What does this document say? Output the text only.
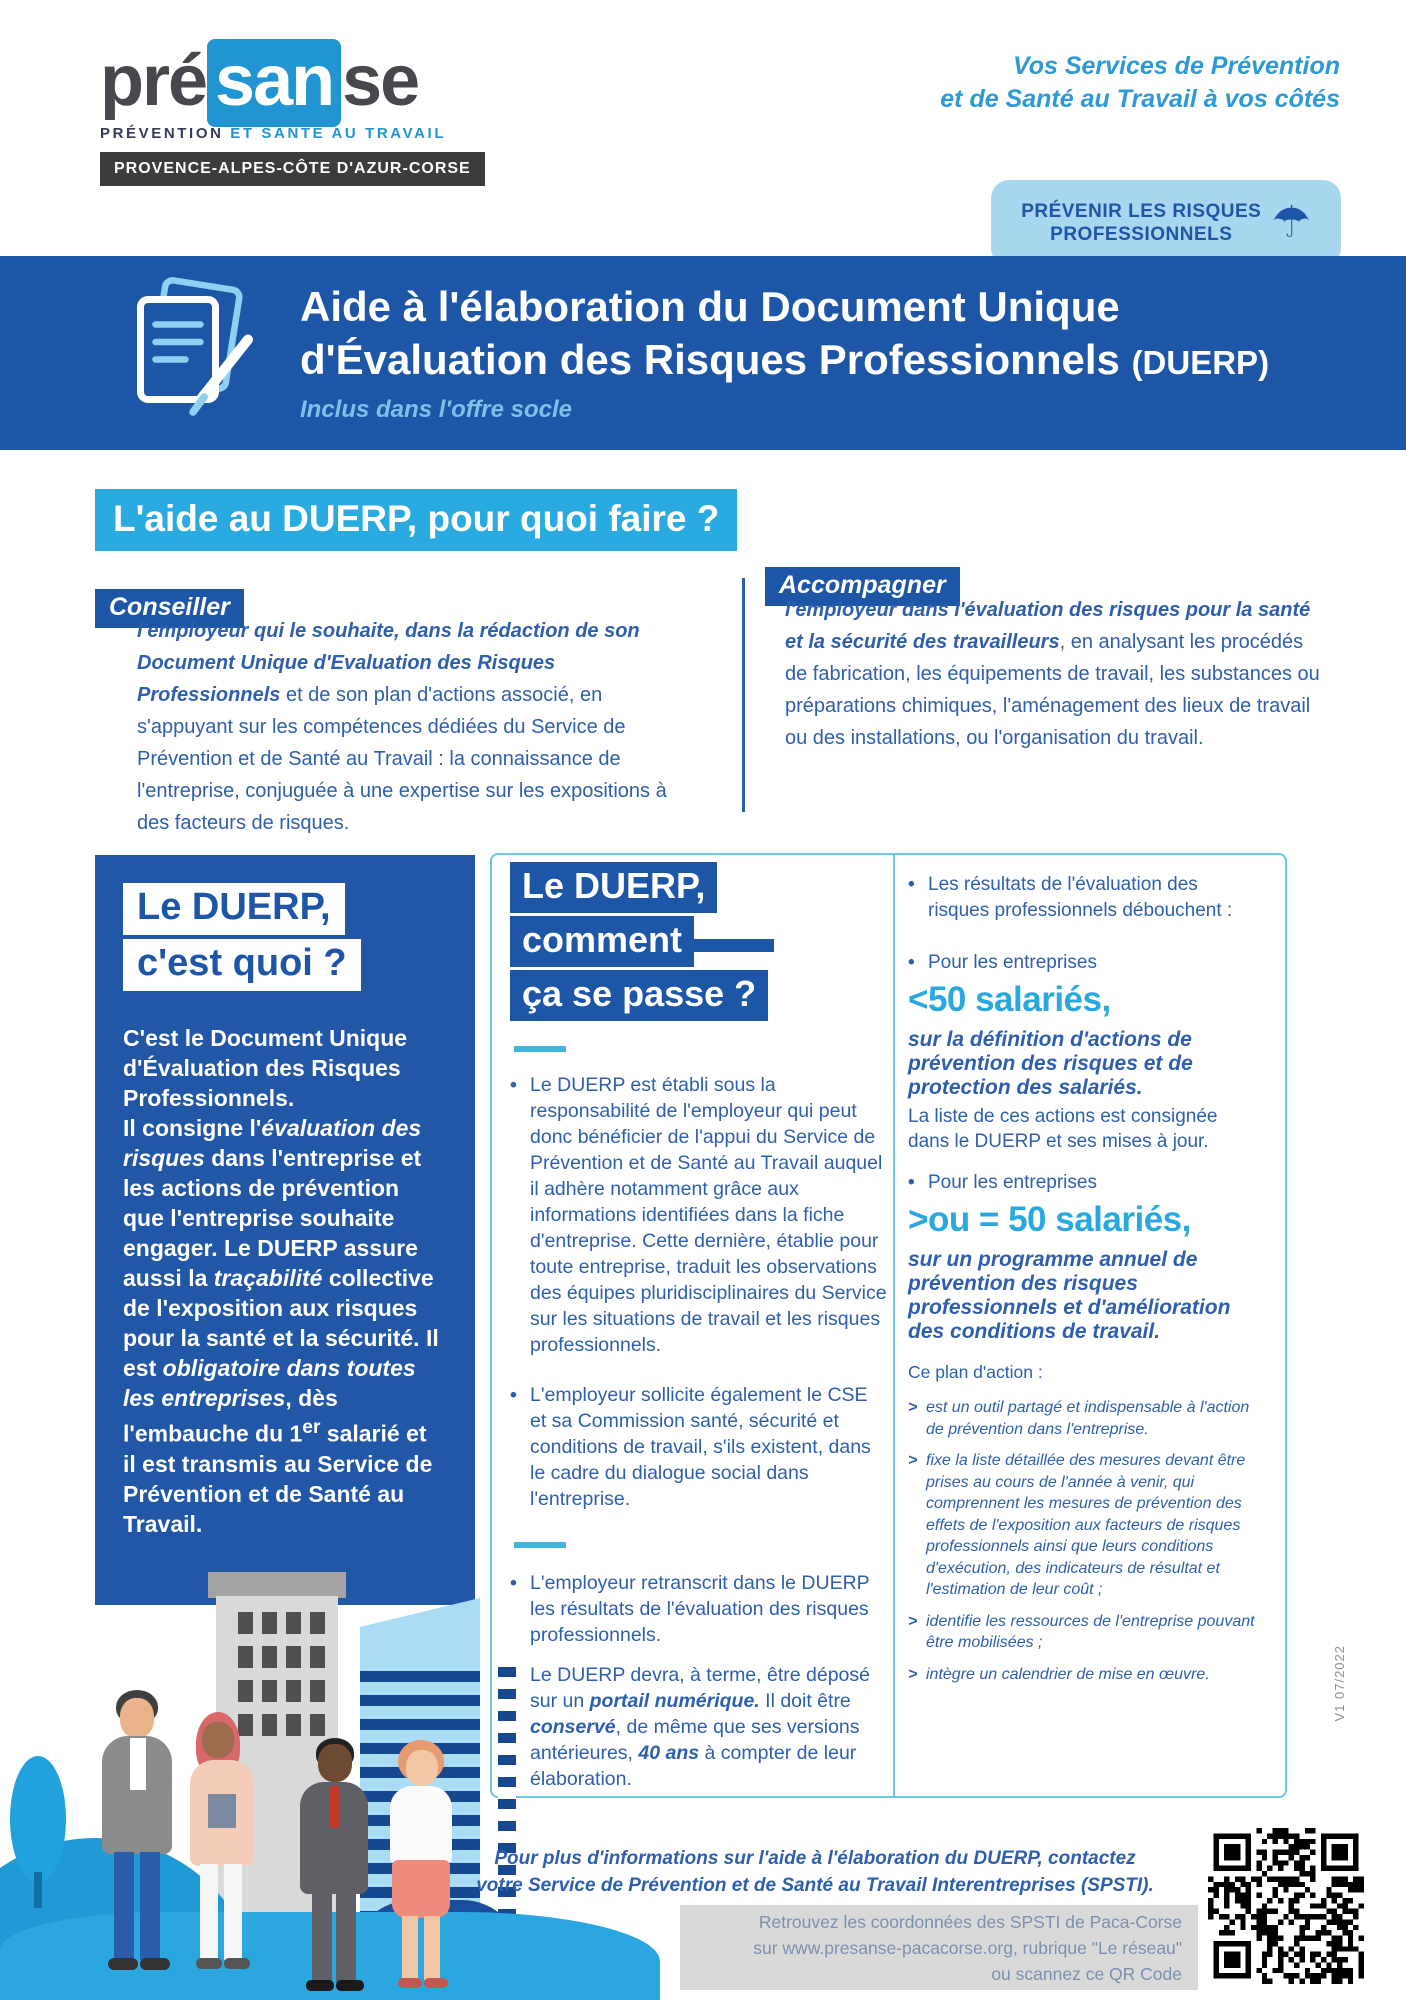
pré san se
PRÉVENTION ET SANTÉ AU TRAVAIL
PROVENCE-ALPES-CÔTE D'AZUR-CORSE
Vos Services de Prévention
et de Santé au Travail à vos côtés
PRÉVENIR LES RISQUES
PROFESSIONNELS ☂
Aide à l'élaboration du Document Unique
d'Évaluation des Risques Professionnels (DUERP)
Inclus dans l'offre socle
L'aide au DUERP, pour quoi faire ?
Conseiller
l'employeur qui le souhaite, dans la rédaction de son Document Unique d'Evaluation des Risques Professionnels et de son plan d'actions associé, en s'appuyant sur les compétences dédiées du Service de Prévention et de Santé au Travail : la connaissance de l'entreprise, conjuguée à une expertise sur les expositions à des facteurs de risques.
Accompagner
l'employeur dans l'évaluation des risques pour la santé et la sécurité des travailleurs, en analysant les procédés de fabrication, les équipements de travail, les substances ou préparations chimiques, l'aménagement des lieux de travail ou des installations, ou l'organisation du travail.
Le DUERP,
c'est quoi ?
C'est le Document Unique d'Évaluation des Risques Professionnels.
Il consigne l'évaluation des risques dans l'entreprise et les actions de prévention que l'entreprise souhaite engager. Le DUERP assure aussi la traçabilité collective de l'exposition aux risques pour la santé et la sécurité. Il est obligatoire dans toutes les entreprises, dès l'embauche du 1er salarié et il est transmis au Service de Prévention et de Santé au Travail.
Le DUERP,
comment
ça se passe ?
• Le DUERP est établi sous la responsabilité de l'employeur qui peut donc bénéficier de l'appui du Service de Prévention et de Santé au Travail auquel il adhère notamment grâce aux informations identifiées dans la fiche d'entreprise. Cette dernière, établie pour toute entreprise, traduit les observations des équipes pluridisciplinaires du Service sur les situations de travail et les risques professionnels.
• L'employeur sollicite également le CSE et sa Commission santé, sécurité et conditions de travail, s'ils existent, dans le cadre du dialogue social dans l'entreprise.
• L'employeur retranscrit dans le DUERP les résultats de l'évaluation des risques professionnels.
Le DUERP devra, à terme, être déposé sur un portail numérique. Il doit être conservé, de même que ses versions antérieures, 40 ans à compter de leur élaboration.
• Les résultats de l'évaluation des risques professionnels débouchent :
• Pour les entreprises
<50 salariés,
sur la définition d'actions de prévention des risques et de protection des salariés.
La liste de ces actions est consignée dans le DUERP et ses mises à jour.
• Pour les entreprises
>ou = 50 salariés,
sur un programme annuel de prévention des risques professionnels et d'amélioration des conditions de travail.
Ce plan d'action :
> est un outil partagé et indispensable à l'action de prévention dans l'entreprise.
> fixe la liste détaillée des mesures devant être prises au cours de l'année à venir, qui comprennent les mesures de prévention des effets de l'exposition aux facteurs de risques professionnels ainsi que leurs conditions d'exécution, des indicateurs de résultat et l'estimation de leur coût ;
> identifie les ressources de l'entreprise pouvant être mobilisées ;
> intègre un calendrier de mise en œuvre.
Pour plus d'informations sur l'aide à l'élaboration du DUERP, contactez
votre Service de Prévention et de Santé au Travail Interentreprises (SPSTI).
Retrouvez les coordonnées des SPSTI de Paca-Corse
sur www.presanse-pacacorse.org, rubrique "Le réseau"
ou scannez ce QR Code
V1 07/2022
